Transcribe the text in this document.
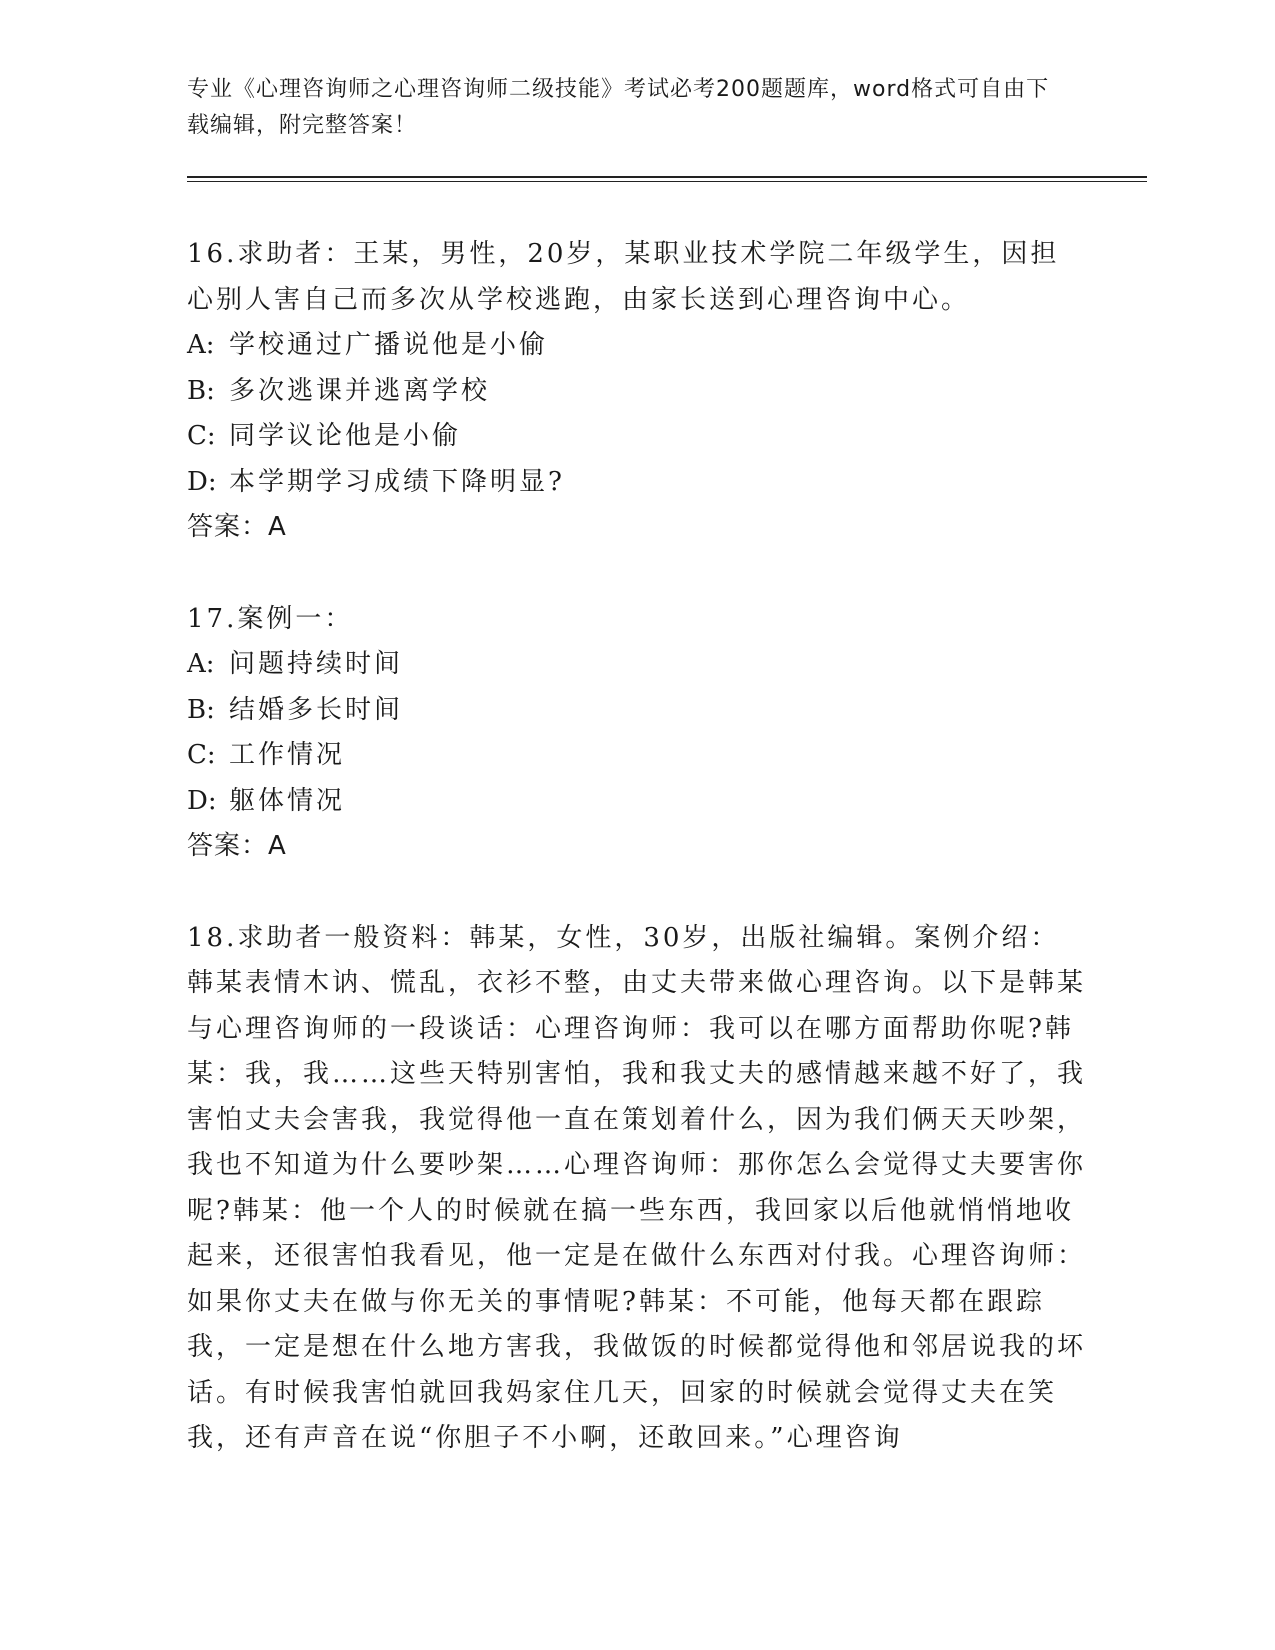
专业《心理咨询师之心理咨询师二级技能》考试必考200题题库，word格式可自由下载编辑，附完整答案！
16.求助者：王某，男性，20岁，某职业技术学院二年级学生，因担心别人害自己而多次从学校逃跑，由家长送到心理咨询中心。
A: 学校通过广播说他是小偷
B: 多次逃课并逃离学校
C: 同学议论他是小偷
D: 本学期学习成绩下降明显?
答案：A
17.案例一：
A: 问题持续时间
B: 结婚多长时间
C: 工作情况
D: 躯体情况
答案：A
18.求助者一般资料：韩某，女性，30岁，出版社编辑。案例介绍：韩某表情木讷、慌乱，衣衫不整，由丈夫带来做心理咨询。以下是韩某与心理咨询师的一段谈话：心理咨询师：我可以在哪方面帮助你呢?韩某：我，我……这些天特别害怕，我和我丈夫的感情越来越不好了，我害怕丈夫会害我，我觉得他一直在策划着什么，因为我们俩天天吵架，我也不知道为什么要吵架……心理咨询师：那你怎么会觉得丈夫要害你呢?韩某：他一个人的时候就在搞一些东西，我回家以后他就悄悄地收起来，还很害怕我看见，他一定是在做什么东西对付我。心理咨询师：如果你丈夫在做与你无关的事情呢?韩某：不可能，他每天都在跟踪我，一定是想在什么地方害我，我做饭的时候都觉得他和邻居说我的坏话。有时候我害怕就回我妈家住几天，回家的时候就会觉得丈夫在笑我，还有声音在说“你胆子不小啊，还敢回来。”心理咨询
